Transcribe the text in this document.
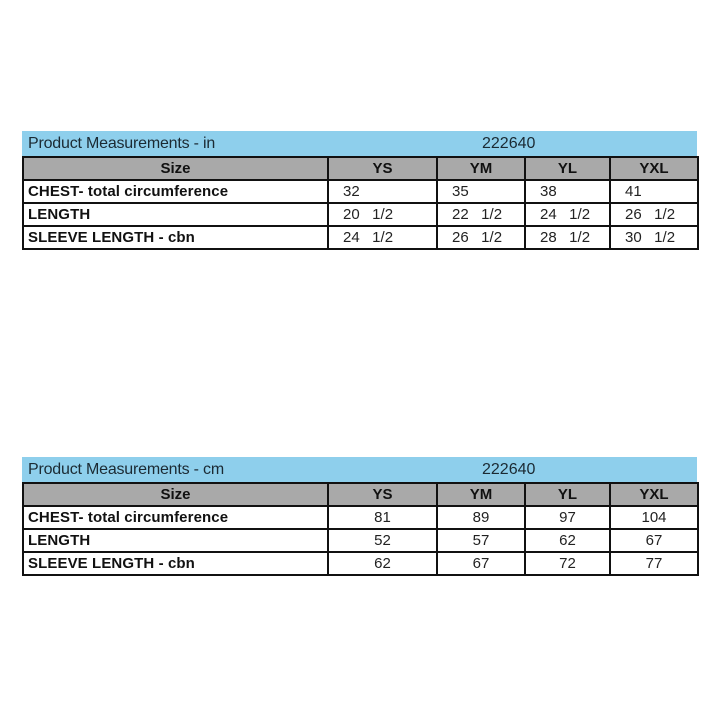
Product Measurements - in	222640
Size	YS	YM	YL	YXL
CHEST- total circumference	32	35	38	41
LENGTH	20   1/2	22   1/2	24   1/2	26   1/2
SLEEVE LENGTH - cbn	24   1/2	26   1/2	28   1/2	30   1/2
Product Measurements - cm	222640
Size	YS	YM	YL	YXL
CHEST- total circumference	81	89	97	104
LENGTH	52	57	62	67
SLEEVE LENGTH - cbn	62	67	72	77
